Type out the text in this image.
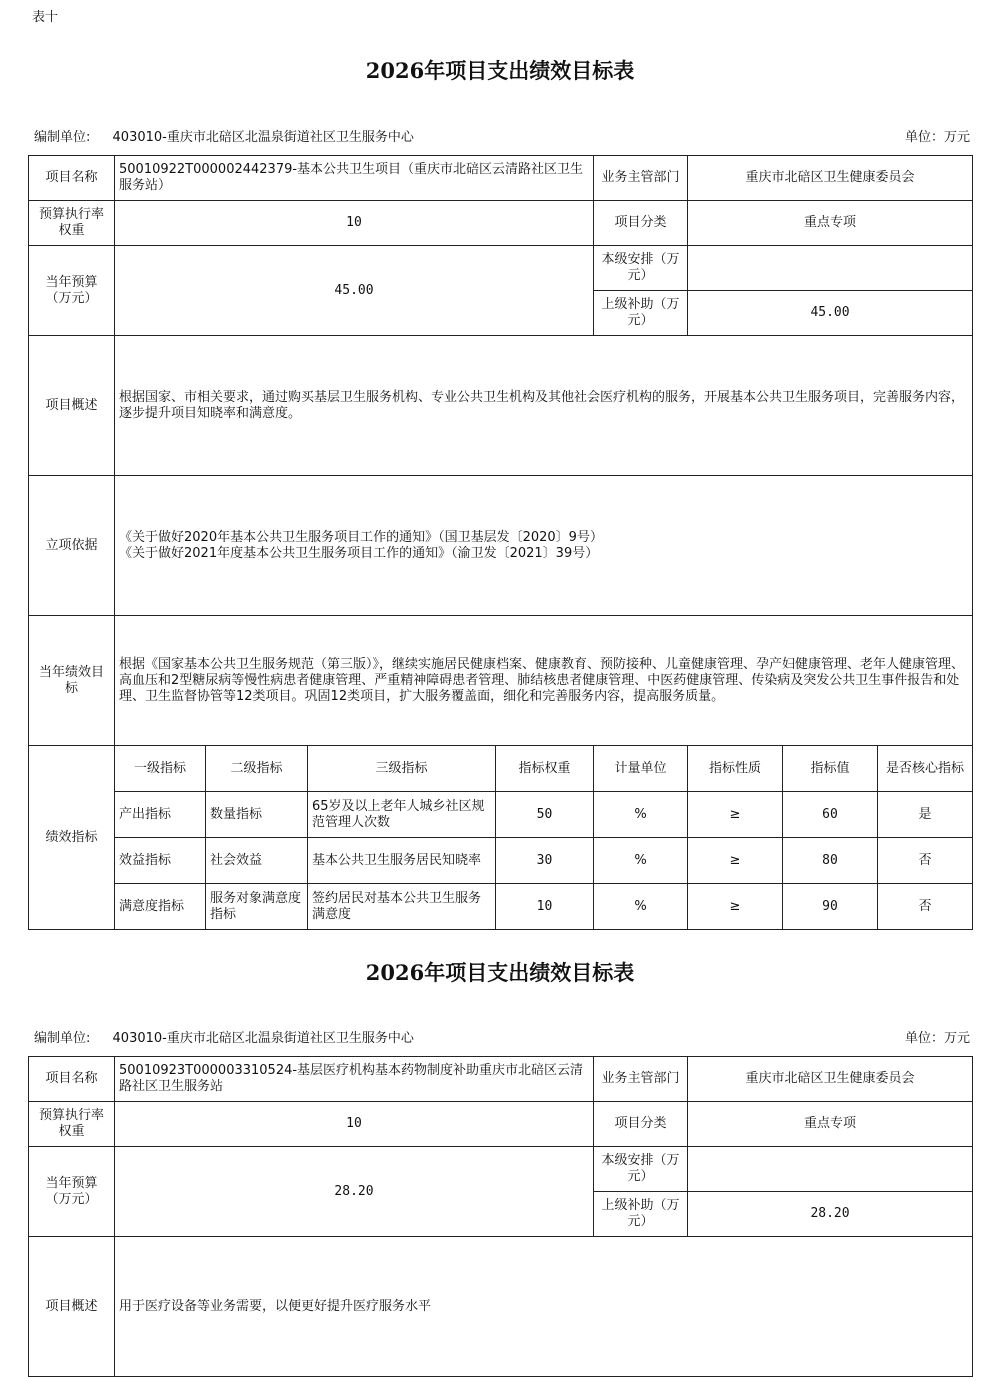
表十
2026年项目支出绩效目标表
编制单位: 403010-重庆市北碚区北温泉街道社区卫生服务中心	单位：万元
项目名称	50010922T000002442379-基本公共卫生项目（重庆市北碚区云清路社区卫生服务站）				业务主管部门	重庆市北碚区卫生健康委员会		
预算执行率权重	10				项目分类	重点专项		
当年预算（万元）	45.00				本级安排（万元）			
					上级补助（万元）	45.00		
项目概述	根据国家、市相关要求，通过购买基层卫生服务机构、专业公共卫生机构及其他社会医疗机构的服务，开展基本公共卫生服务项目，完善服务内容，逐步提升项目知晓率和满意度。							
立项依据	《关于做好2020年基本公共卫生服务项目工作的通知》（国卫基层发〔2020〕9号）
《关于做好2021年度基本公共卫生服务项目工作的通知》（渝卫发〔2021〕39号）							

当年绩效目标	根据《国家基本公共卫生服务规范（第三版）》，继续实施居民健康档案、健康教育、预防接种、儿童健康管理、孕产妇健康管理、老年人健康管理、高血压和2型糖尿病等慢性病患者健康管理、严重精神障碍患者管理、肺结核患者健康管理、中医药健康管理、传染病及突发公共卫生事件报告和处理、卫生监督协管等12类项目。巩固12类项目，扩大服务覆盖面，细化和完善服务内容，提高服务质量。							
绩效指标	一级指标	二级指标	三级指标	指标权重	计量单位	指标性质	指标值	是否核心指标
	产出指标	数量指标	65岁及以上老年人城乡社区规范管理人次数	50	%	≥	60	是
	效益指标	社会效益	基本公共卫生服务居民知晓率	30	%	≥	80	否
	满意度指标	服务对象满意度指标	签约居民对基本公共卫生服务满意度	10	%	≥	90	否
2026年项目支出绩效目标表
编制单位: 403010-重庆市北碚区北温泉街道社区卫生服务中心	单位：万元
项目名称	50010923T000003310524-基层医疗机构基本药物制度补助重庆市北碚区云清路社区卫生服务站	业务主管部门	重庆市北碚区卫生健康委员会
预算执行率权重	10	项目分类	重点专项
当年预算（万元）	28.20	本级安排（万元）	
		上级补助（万元）	28.20
项目概述	用于医疗设备等业务需要，以便更好提升医疗服务水平		
